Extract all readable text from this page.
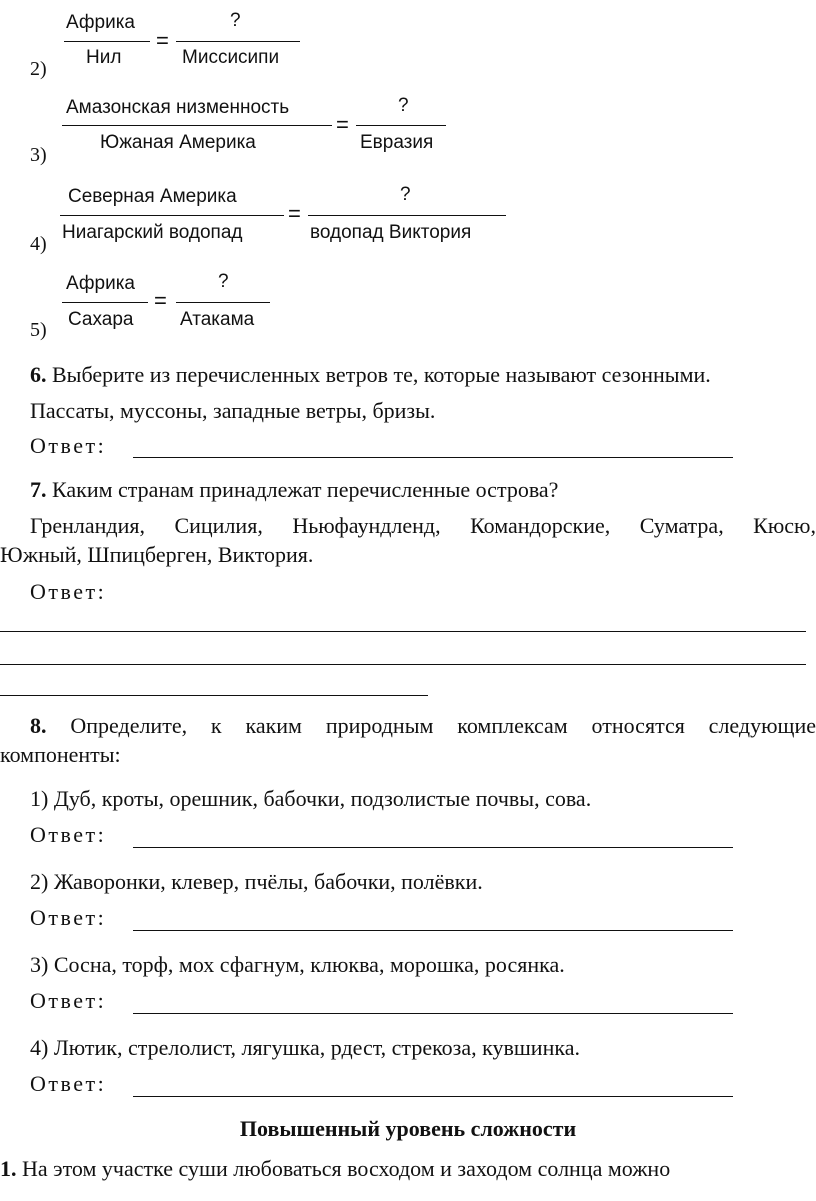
Африка
Нил
=
?
Миссисипи
2)
Амазонская низменность
Южаная Америка
=
?
Евразия
3)
Северная Америка
Ниагарский водопад
=
?
водопад Виктория
4)
Африка
Сахара
=
?
Атакама
5)
6. Выберите из перечисленных ветров те, которые называют сезонными.
Пассаты, муссоны, западные ветры, бризы.
Ответ:
7. Каким странам принадлежат перечисленные острова?
Гренландия, Сицилия, Ньюфаундленд, Командорские, Суматра, Кюсю,
Южный, Шпицберген, Виктория.
Ответ:
8. Определите, к каким природным комплексам относятся следующие
компоненты:
1) Дуб, кроты, орешник, бабочки, подзолистые почвы, сова.
Ответ:
2) Жаворонки, клевер, пчёлы, бабочки, полёвки.
Ответ:
3) Сосна, торф, мох сфагнум, клюква, морошка, росянка.
Ответ:
4) Лютик, стрелолист, лягушка, рдест, стрекоза, кувшинка.
Ответ:
Повышенный уровень сложности
1. На этом участке суши любоваться восходом и заходом солнца можно
